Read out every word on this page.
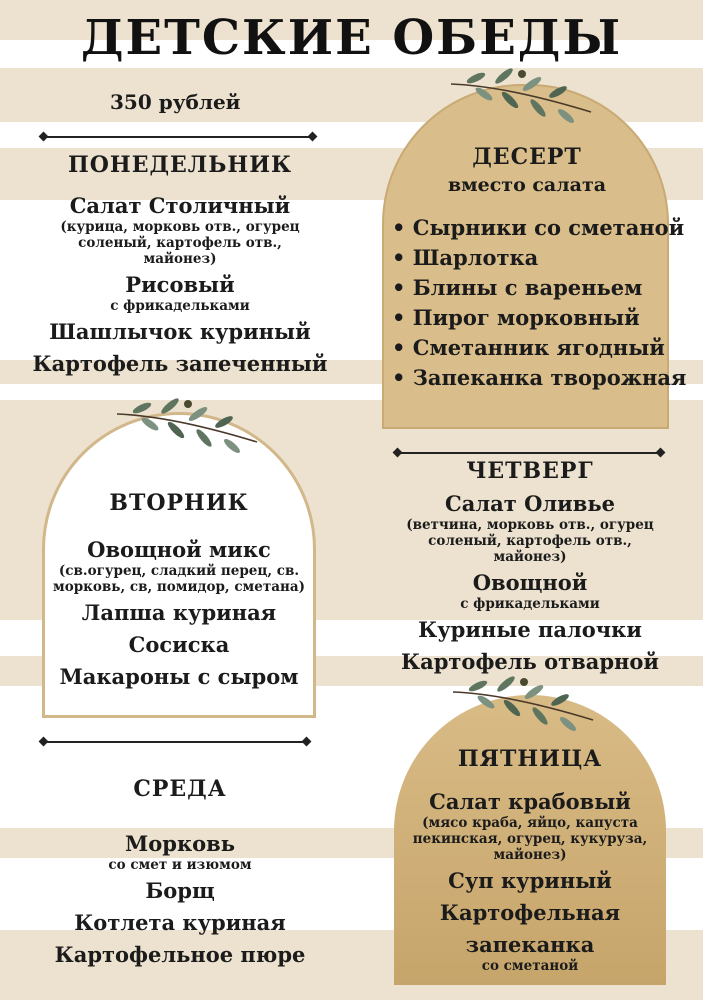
ДЕТСКИЕ ОБЕДЫ
350 рублей
ПОНЕДЕЛЬНИК
Салат Столичный
(курица, морковь отв., огурец соленый, картофель отв., майонез)
Рисовый
с фрикадельками
Шашлычок куриный
Картофель запеченный
ДЕСЕРТ
вместо салата
• Сырники со сметаной
• Шарлотка
• Блины с вареньем
• Пирог морковный
• Сметанник ягодный
• Запеканка творожная
ВТОРНИК
Овощной микс
(св.огурец, сладкий перец, св. морковь, св, помидор, сметана)
Лапша куриная
Сосиска
Макароны с сыром
ЧЕТВЕРГ
Салат Оливье
(ветчина, морковь отв., огурец соленый, картофель отв., майонез)
Овощной
с фрикадельками
Куриные палочки
Картофель отварной
СРЕДА
Морковь
со смет и изюмом
Борщ
Котлета куриная
Картофельное пюре
ПЯТНИЦА
Салат крабовый
(мясо краба, яйцо, капуста пекинская, огурец, кукуруза, майонез)
Суп куриный
Картофельная
запеканка
со сметаной
